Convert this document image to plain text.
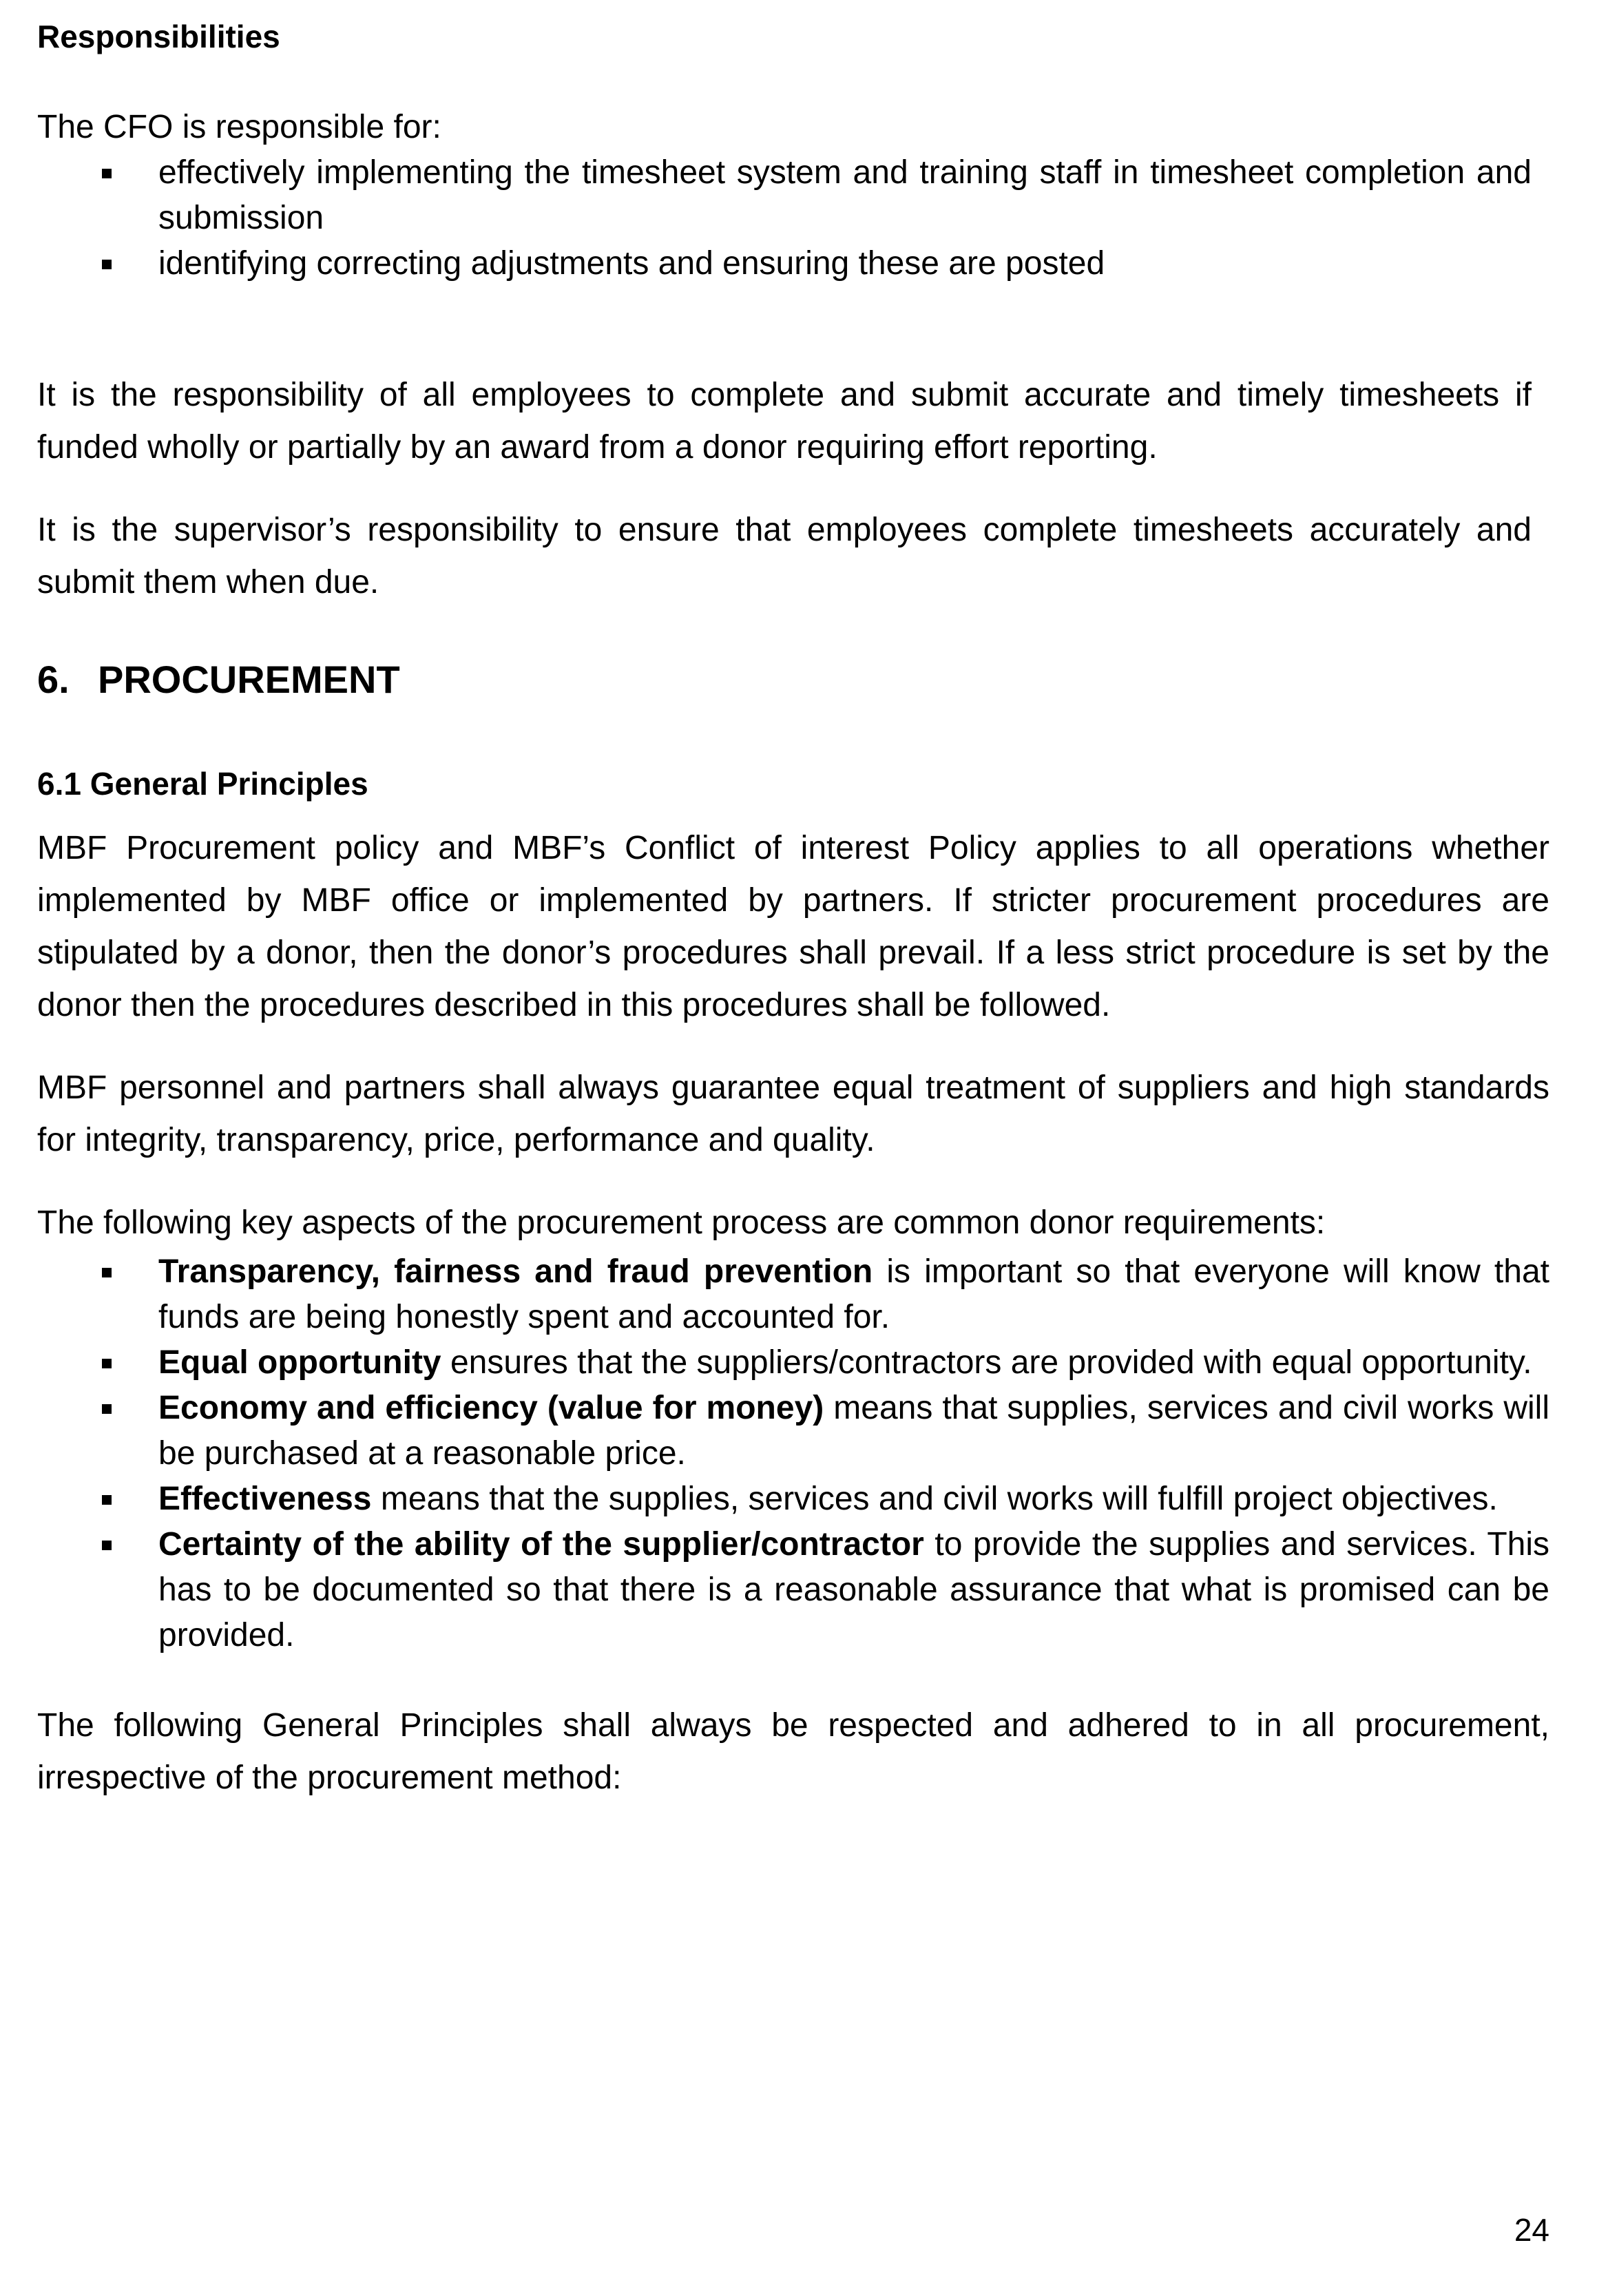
Responsibilities

The CFO is responsible for:

effectively implementing the timesheet system and training staff in timesheet completion and submission
identifying correcting adjustments and ensuring these are posted

It is the responsibility of all employees to complete and submit accurate and timely timesheets if funded wholly or partially by an award from a donor requiring effort reporting.

It is the supervisor’s responsibility to ensure that employees complete timesheets accurately and submit them when due.

6. PROCUREMENT
6.1 General Principles

MBF Procurement policy and MBF’s Conflict of interest Policy applies to all operations whether implemented by MBF office or implemented by partners. If stricter procurement procedures are stipulated by a donor, then the donor’s procedures shall prevail. If a less strict procedure is set by the donor then the procedures described in this procedures shall be followed.

MBF personnel and partners shall always guarantee equal treatment of suppliers and high standards for integrity, transparency, price, performance and quality.

The following key aspects of the procurement process are common donor requirements:

Transparency, fairness and fraud prevention is important so that everyone will know that funds are being honestly spent and accounted for.
Equal opportunity ensures that the suppliers/contractors are provided with equal opportunity.
Economy and efficiency (value for money) means that supplies, services and civil works will be purchased at a reasonable price.
Effectiveness means that the supplies, services and civil works will fulfill project objectives.
Certainty of the ability of the supplier/contractor to provide the supplies and services. This has to be documented so that there is a reasonable assurance that what is promised can be provided.

The following General Principles shall always be respected and adhered to in all procurement, irrespective of the procurement method:

24
